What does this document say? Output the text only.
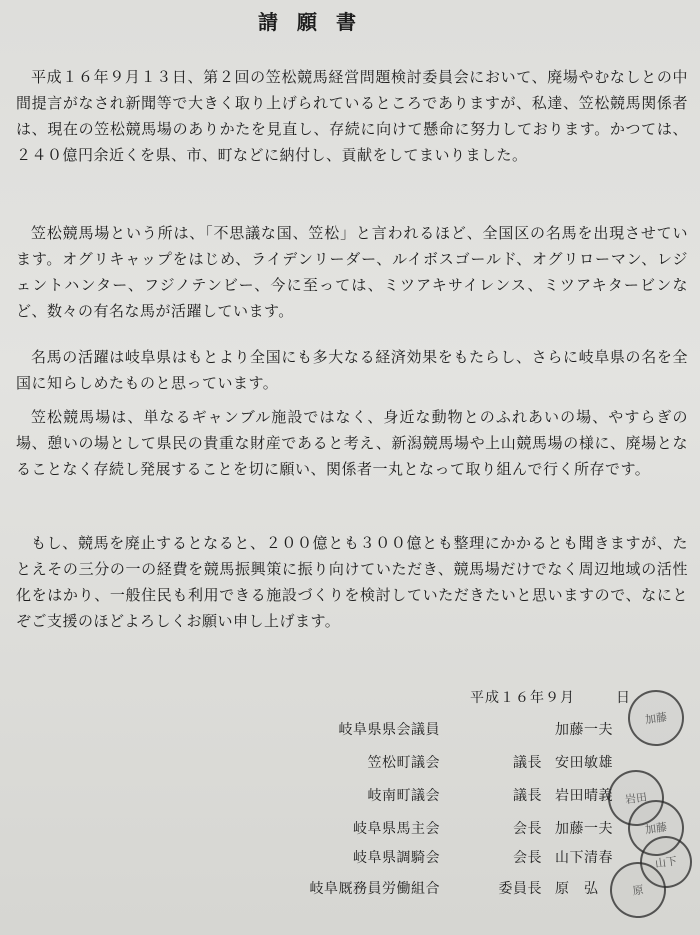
請 願 書

平成１６年９月１３日、第２回の笠松競馬経営問題検討委員会において、廃場やむなしとの中間提言がなされ新聞等で大きく取り上げられているところでありますが、私達、笠松競馬関係者は、現在の笠松競馬場のありかたを見直し、存続に向けて懸命に努力しております。かつては、２４０億円余近くを県、市、町などに納付し、貢献をしてまいりました。

笠松競馬場という所は、「不思議な国、笠松」と言われるほど、全国区の名馬を出現させています。オグリキャップをはじめ、ライデンリーダー、ルイボスゴールド、オグリローマン、レジェントハンター、フジノテンビー、今に至っては、ミツアキサイレンス、ミツアキタービンなど、数々の有名な馬が活躍しています。

名馬の活躍は岐阜県はもとより全国にも多大なる経済効果をもたらし、さらに岐阜県の名を全国に知らしめたものと思っています。

笠松競馬場は、単なるギャンブル施設ではなく、身近な動物とのふれあいの場、やすらぎの場、憩いの場として県民の貴重な財産であると考え、新潟競馬場や上山競馬場の様に、廃場となることなく存続し発展することを切に願い、関係者一丸となって取り組んで行く所存です。

もし、競馬を廃止するとなると、２００億とも３００億とも整理にかかるとも聞きますが、たとえその三分の一の経費を競馬振興策に振り向けていただき、競馬場だけでなく周辺地域の活性化をはかり、一般住民も利用できる施設づくりを検討していただきたいと思いますので、なにとぞご支援のほどよろしくお願い申し上げます。

平成１６年９月	日
岐阜県県会議員	加藤一夫
笠松町議会	議長 安田敏雄
岐南町議会	議長 岩田晴義
岐阜県馬主会	会長 加藤一夫
岐阜県調騎会	会長 山下清春
岐阜厩務員労働組合	委員長 原　弘
加藤
岩田
加藤
山下
原
